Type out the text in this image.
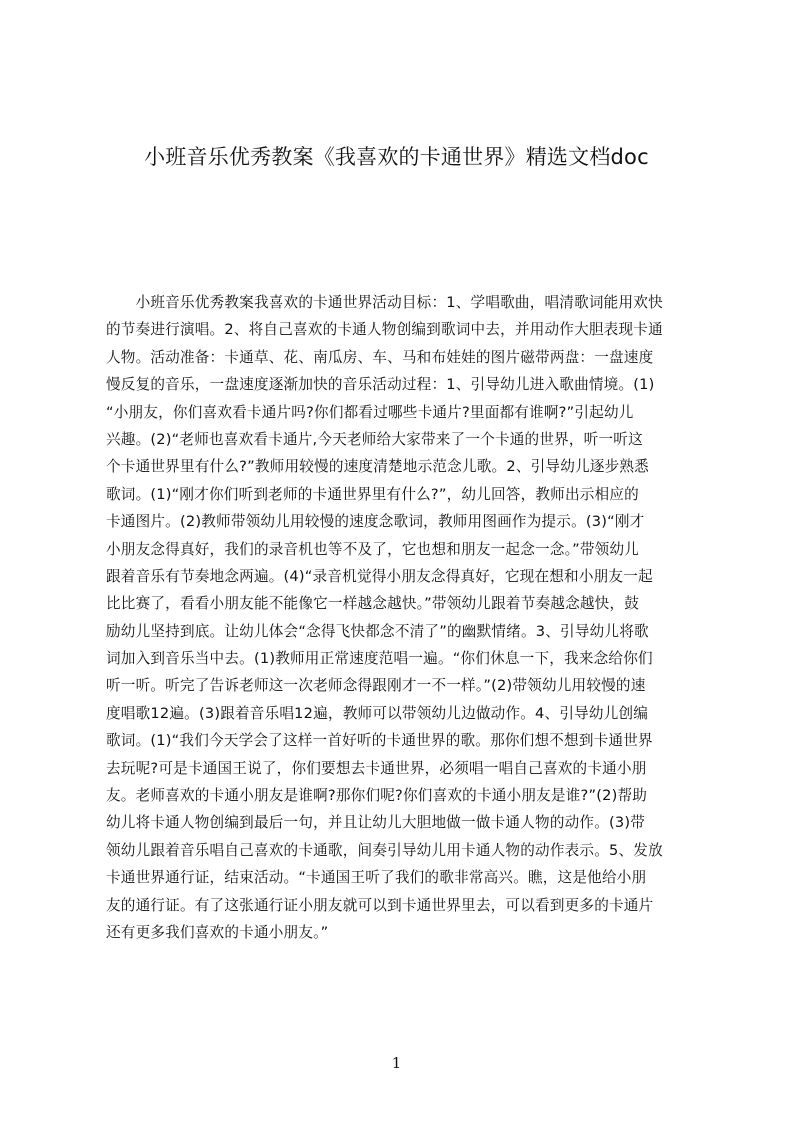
小班音乐优秀教案《我喜欢的卡通世界》精选文档doc
　　小班音乐优秀教案我喜欢的卡通世界活动目标：1、学唱歌曲，唱清歌词能用欢快
的节奏进行演唱。2、将自己喜欢的卡通人物创编到歌词中去，并用动作大胆表现卡通
人物。活动准备：卡通草、花、南瓜房、车、马和布娃娃的图片磁带两盘：一盘速度
慢反复的音乐，一盘速度逐渐加快的音乐活动过程：1、引导幼儿进入歌曲情境。(1)
“小朋友，你们喜欢看卡通片吗?你们都看过哪些卡通片?里面都有谁啊?”引起幼儿
兴趣。(2)“老师也喜欢看卡通片,今天老师给大家带来了一个卡通的世界，听一听这
个卡通世界里有什么?”教师用较慢的速度清楚地示范念儿歌。2、引导幼儿逐步熟悉
歌词。(1)“刚才你们听到老师的卡通世界里有什么?”，幼儿回答，教师出示相应的
卡通图片。(2)教师带领幼儿用较慢的速度念歌词，教师用图画作为提示。(3)“刚才
小朋友念得真好，我们的录音机也等不及了，它也想和朋友一起念一念。”带领幼儿
跟着音乐有节奏地念两遍。(4)“录音机觉得小朋友念得真好，它现在想和小朋友一起
比比赛了，看看小朋友能不能像它一样越念越快。”带领幼儿跟着节奏越念越快，鼓
励幼儿坚持到底。让幼儿体会“念得飞快都念不清了”的幽默情绪。3、引导幼儿将歌
词加入到音乐当中去。(1)教师用正常速度范唱一遍。“你们休息一下，我来念给你们
听一听。听完了告诉老师这一次老师念得跟刚才一不一样。”(2)带领幼儿用较慢的速
度唱歌12遍。(3)跟着音乐唱12遍，教师可以带领幼儿边做动作。4、引导幼儿创编
歌词。(1)“我们今天学会了这样一首好听的卡通世界的歌。那你们想不想到卡通世界
去玩呢?可是卡通国王说了，你们要想去卡通世界，必须唱一唱自己喜欢的卡通小朋
友。老师喜欢的卡通小朋友是谁啊?那你们呢?你们喜欢的卡通小朋友是谁?”(2)帮助
幼儿将卡通人物创编到最后一句，并且让幼儿大胆地做一做卡通人物的动作。(3)带
领幼儿跟着音乐唱自己喜欢的卡通歌，间奏引导幼儿用卡通人物的动作表示。5、发放
卡通世界通行证，结束活动。“卡通国王听了我们的歌非常高兴。瞧，这是他给小朋
友的通行证。有了这张通行证小朋友就可以到卡通世界里去，可以看到更多的卡通片
还有更多我们喜欢的卡通小朋友。”
1
